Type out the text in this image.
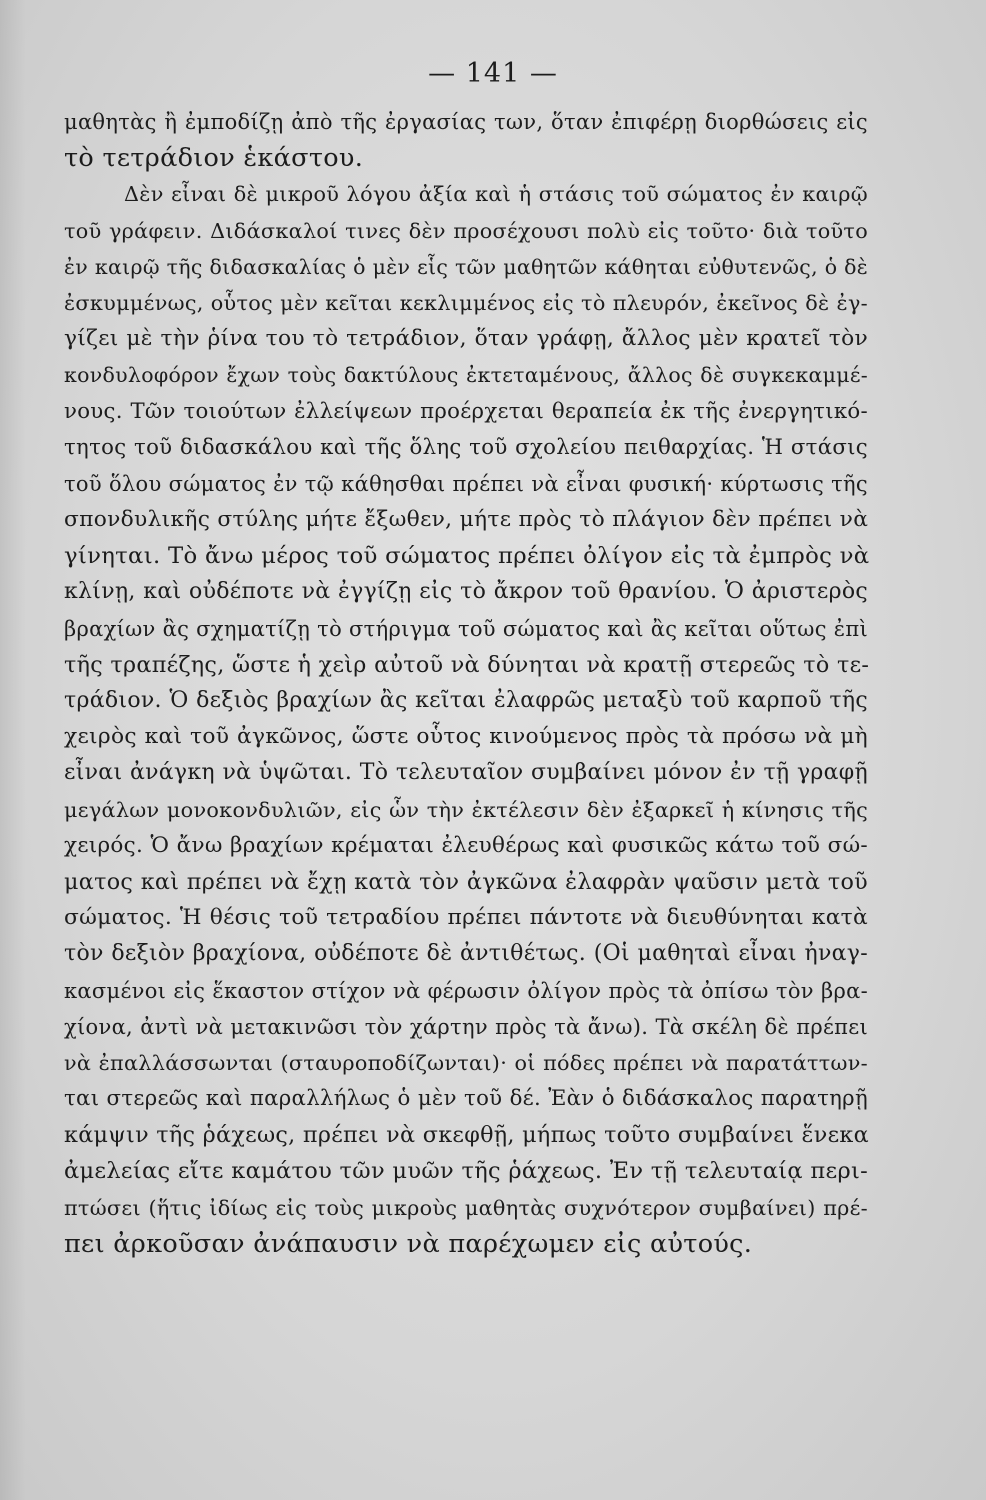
— 141 —
μαθητὰς ἢ ἐμποδίζῃ ἀπὸ τῆς ἐργασίας των, ὅταν ἐπιφέρῃ διορθώσεις εἰς
τὸ τετράδιον ἑκάστου.
Δὲν εἶναι δὲ μικροῦ λόγου ἀξία καὶ ἡ στάσις τοῦ σώματος ἐν καιρῷ
τοῦ γράφειν. Διδάσκαλοί τινες δὲν προσέχουσι πολὺ εἰς τοῦτο· διὰ τοῦτο
ἐν καιρῷ τῆς διδασκαλίας ὁ μὲν εἷς τῶν μαθητῶν κάθηται εὐθυτενῶς, ὁ δὲ
ἐσκυμμένως, οὗτος μὲν κεῖται κεκλιμμένος εἰς τὸ πλευρόν, ἐκεῖνος δὲ ἐγ-
γίζει μὲ τὴν ῥίνα του τὸ τετράδιον, ὅταν γράφῃ, ἄλλος μὲν κρατεῖ τὸν
κονδυλοφόρον ἔχων τοὺς δακτύλους ἐκτεταμένους, ἄλλος δὲ συγκεκαμμέ-
νους. Τῶν τοιούτων ἐλλείψεων προέρχεται θεραπεία ἐκ τῆς ἐνεργητικό-
τητος τοῦ διδασκάλου καὶ τῆς ὅλης τοῦ σχολείου πειθαρχίας. Ἡ στάσις
τοῦ ὅλου σώματος ἐν τῷ κάθησθαι πρέπει νὰ εἶναι φυσική· κύρτωσις τῆς
σπονδυλικῆς στύλης μήτε ἔξωθεν, μήτε πρὸς τὸ πλάγιον δὲν πρέπει νὰ
γίνηται. Τὸ ἄνω μέρος τοῦ σώματος πρέπει ὀλίγον εἰς τὰ ἐμπρὸς νὰ
κλίνῃ, καὶ οὐδέποτε νὰ ἐγγίζῃ εἰς τὸ ἄκρον τοῦ θρανίου. Ὁ ἀριστερὸς
βραχίων ἂς σχηματίζῃ τὸ στήριγμα τοῦ σώματος καὶ ἂς κεῖται οὕτως ἐπὶ
τῆς τραπέζης, ὥστε ἡ χεὶρ αὐτοῦ νὰ δύνηται νὰ κρατῇ στερεῶς τὸ τε-
τράδιον. Ὁ δεξιὸς βραχίων ἂς κεῖται ἐλαφρῶς μεταξὺ τοῦ καρποῦ τῆς
χειρὸς καὶ τοῦ ἀγκῶνος, ὥστε οὗτος κινούμενος πρὸς τὰ πρόσω νὰ μὴ
εἶναι ἀνάγκη νὰ ὑψῶται. Τὸ τελευταῖον συμβαίνει μόνον ἐν τῇ γραφῇ
μεγάλων μονοκονδυλιῶν, εἰς ὧν τὴν ἐκτέλεσιν δὲν ἐξαρκεῖ ἡ κίνησις τῆς
χειρός. Ὁ ἄνω βραχίων κρέμαται ἐλευθέρως καὶ φυσικῶς κάτω τοῦ σώ-
ματος καὶ πρέπει νὰ ἔχῃ κατὰ τὸν ἀγκῶνα ἐλαφρὰν ψαῦσιν μετὰ τοῦ
σώματος. Ἡ θέσις τοῦ τετραδίου πρέπει πάντοτε νὰ διευθύνηται κατὰ
τὸν δεξιὸν βραχίονα, οὐδέποτε δὲ ἀντιθέτως. (Οἱ μαθηταὶ εἶναι ἠναγ-
κασμένοι εἰς ἕκαστον στίχον νὰ φέρωσιν ὀλίγον πρὸς τὰ ὀπίσω τὸν βρα-
χίονα, ἀντὶ νὰ μετακινῶσι τὸν χάρτην πρὸς τὰ ἄνω). Τὰ σκέλη δὲ πρέπει
νὰ ἐπαλλάσσωνται (σταυροποδίζωνται)· οἱ πόδες πρέπει νὰ παρατάττων-
ται στερεῶς καὶ παραλλήλως ὁ μὲν τοῦ δέ. Ἐὰν ὁ διδάσκαλος παρατηρῇ
κάμψιν τῆς ῥάχεως, πρέπει νὰ σκεφθῇ, μήπως τοῦτο συμβαίνει ἕνεκα
ἀμελείας εἴτε καμάτου τῶν μυῶν τῆς ῥάχεως. Ἐν τῇ τελευταίᾳ περι-
πτώσει (ἥτις ἰδίως εἰς τοὺς μικροὺς μαθητὰς συχνότερον συμβαίνει) πρέ-
πει ἀρκοῦσαν ἀνάπαυσιν νὰ παρέχωμεν εἰς αὐτούς.
